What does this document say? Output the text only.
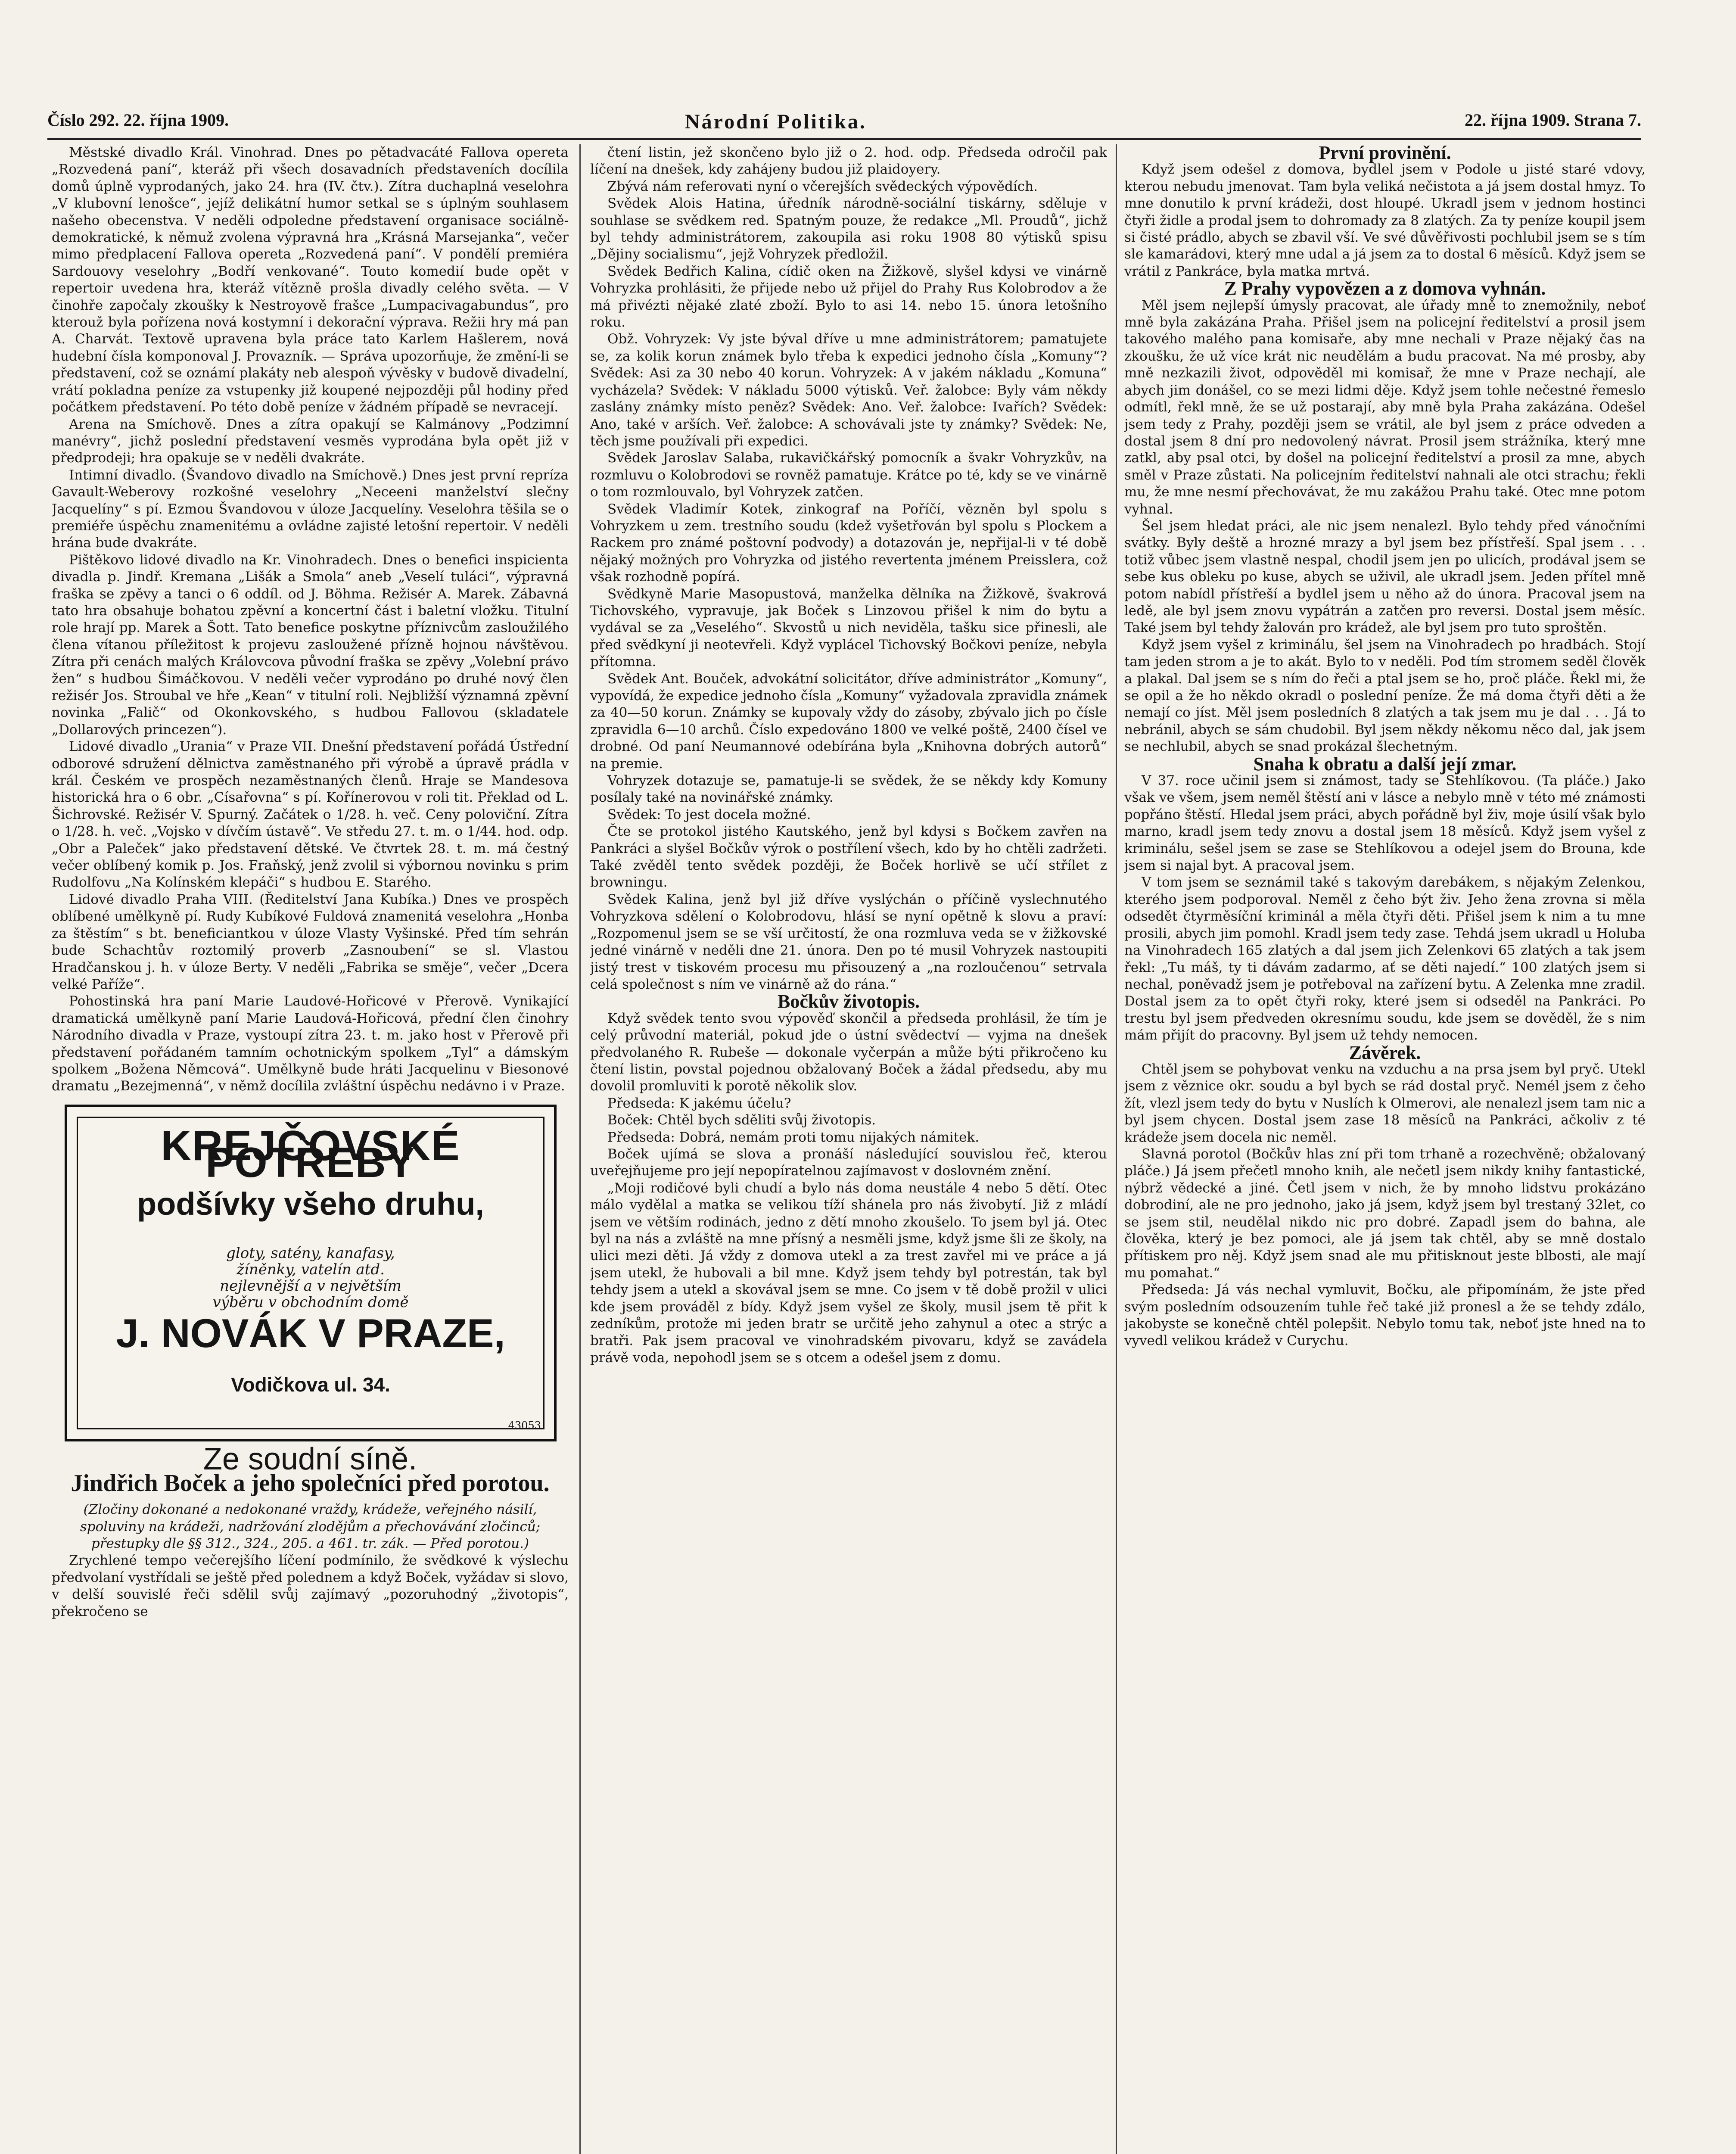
Číslo 292. 22. října 1909.	Národní Politika.	22. října 1909. Strana 7.

Městské divadlo Král. Vinohrad. Dnes po pětadvacáté Fallova opereta „Rozvedená paní“, kteráž při všech dosavadních představeních docílila domů úplně vyprodaných, jako 24. hra (IV. čtv.). Zítra duchaplná veselohra „V klubovní lenošce“, jejíž delikátní humor setkal se s úplným souhlasem našeho obecenstva. V neděli odpoledne představení organisace sociálně-demokratické, k němuž zvolena výpravná hra „Krásná Marsejanka“, večer mimo předplacení Fallova opereta „Rozvedená paní“. V pondělí premiéra Sardouovy veselohry „Bodří venkované“. Touto komedií bude opět v repertoir uvedena hra, kteráž vítězně prošla divadly celého světa. — V činohře započaly zkoušky k Nestroyově frašce „Lumpacivagabundus“, pro kterouž byla pořízena nová kostymní i dekorační výprava. Režii hry má pan A. Charvát. Textově upravena byla práce tato Karlem Hašlerem, nová hudební čísla komponoval J. Provazník. — Správa upozorňuje, že změní-li se představení, což se oznámí plakáty neb alespoň vývěsky v budově divadelní, vrátí pokladna peníze za vstupenky již koupené nejpozději půl hodiny před počátkem představení. Po této době peníze v žádném případě se nevracejí.

Arena na Smíchově. Dnes a zítra opakují se Kalmánovy „Podzimní manévry“, jichž poslední představení vesměs vyprodána byla opět již v předprodeji; hra opakuje se v neděli dvakráte.

Intimní divadlo. (Švandovo divadlo na Smíchově.) Dnes jest první repríza Gavault-Weberovy rozkošné veselohry „Neceeni manželství slečny Jacquelíny“ s pí. Ezmou Švandovou v úloze Jacquelíny. Veselohra těšila se o premiéře úspěchu znamenitému a ovládne zajisté letošní repertoir. V neděli hrána bude dvakráte.

Pištěkovo lidové divadlo na Kr. Vinohradech. Dnes o benefici inspicienta divadla p. Jindř. Kremana „Lišák a Smola“ aneb „Veselí tuláci“, výpravná fraška se zpěvy a tanci o 6 oddíl. od J. Böhma. Režisér A. Marek. Zábavná tato hra obsahuje bohatou zpěvní a koncertní část i baletní vložku. Titulní role hrají pp. Marek a Šott. Tato benefice poskytne příznivcům zasloužilého člena vítanou příležitost k projevu zasloužené přízně hojnou návštěvou. Zítra při cenách malých Královcova původní fraška se zpěvy „Volební právo žen“ s hudbou Šimáčkovou. V neděli večer vyprodáno po druhé nový člen režisér Jos. Stroubal ve hře „Kean“ v titulní roli. Nejbližší významná zpěvní novinka „Falič“ od Okonkovského, s hudbou Fallovou (skladatele „Dollarových princezen“).

Lidové divadlo „Urania“ v Praze VII. Dnešní představení pořádá Ústřední odborové sdružení dělnictva zaměstnaného při výrobě a úpravě prádla v král. Českém ve prospěch nezaměstnaných členů. Hraje se Mandesova historická hra o 6 obr. „Císařovna“ s pí. Kořínerovou v roli tit. Překlad od L. Šichrovské. Režisér V. Spurný. Začátek o 1/28. h. več. Ceny poloviční. Zítra o 1/28. h. več. „Vojsko v dívčím ústavě“. Ve středu 27. t. m. o 1/44. hod. odp. „Obr a Paleček“ jako představení dětské. Ve čtvrtek 28. t. m. má čestný večer oblíbený komik p. Jos. Fraňský, jenž zvolil si výbornou novinku s prim Rudolfovu „Na Kolínském klepáči“ s hudbou E. Starého.

Lidové divadlo Praha VIII. (Ředitelství Jana Kubíka.) Dnes ve prospěch oblíbené umělkyně pí. Rudy Kubíkové Fuldová znamenitá veselohra „Honba za štěstím“ s bt. beneficiantkou v úloze Vlasty Vyšinské. Před tím sehrán bude Schachtův roztomilý proverb „Zasnoubení“ se sl. Vlastou Hradčanskou j. h. v úloze Berty. V neděli „Fabrika se směje“, večer „Dcera velké Paříže“.

Pohostinská hra paní Marie Laudové-Hořicové v Přerově. Vynikající dramatická umělkyně paní Marie Laudová-Hořicová, přední člen činohry Národního divadla v Praze, vystoupí zítra 23. t. m. jako host v Přerově při představení pořádaném tamním ochotnickým spolkem „Tyl“ a dámským spolkem „Božena Němcová“. Umělkyně bude hráti Jacquelinu v Biesonové dramatu „Bezejmenná“, v němž docílila zvláštní úspěchu nedávno i v Praze.

KREJČOVSKÉ POTŘEBY
podšívky všeho druhu,
gloty, satény, kanafasy, žíněnky, vatelín atd. nejlevnější a v největším výběru v obchodním domě
J. NOVÁK V PRAZE,
Vodičkova ul. 34.
43053
Ze soudní síně.
Jindřich Boček a jeho společníci před porotou.

(Zločiny dokonané a nedokonané vraždy, krádeže, veřejného násilí, spoluviny na krádeži, nadržování zlodějům a přechovávání zločinců; přestupky dle §§ 312., 324., 205. a 461. tr. zák. — Před porotou.)

Zrychlené tempo večerejšího líčení podmínilo, že svědkové k výslechu předvolaní vystřídali se ještě před polednem a když Boček, vyžádav si slovo, v delší souvislé řeči sdělil svůj zajímavý „pozoruhodný „životopis“, překročeno se

čtení listin, jež skončeno bylo již o 2. hod. odp. Předseda odročil pak líčení na dnešek, kdy zahájeny budou již plaidoyery.

Zbývá nám referovati nyní o včerejších svědeckých výpovědích.

Svědek Alois Hatina, úředník národně-sociální tiskárny, sděluje v souhlase se svědkem red. Spatným pouze, že redakce „Ml. Proudů“, jichž byl tehdy administrátorem, zakoupila asi roku 1908 80 výtisků spisu „Dějiny socialismu“, jejž Vohryzek předložil.

Svědek Bedřich Kalina, cídič oken na Žižkově, slyšel kdysi ve vinárně Vohryzka prohlásiti, že přijede nebo už přijel do Prahy Rus Kolobrodov a že má přivézti nějaké zlaté zboží. Bylo to asi 14. nebo 15. února letošního roku.

Obž. Vohryzek: Vy jste býval dříve u mne administrátorem; pamatujete se, za kolik korun známek bylo třeba k expedici jednoho čísla „Komuny“? Svědek: Asi za 30 nebo 40 korun. Vohryzek: A v jakém nákladu „Komuna“ vycházela? Svědek: V nákladu 5000 výtisků. Veř. žalobce: Byly vám někdy zaslány známky místo peněz? Svědek: Ano. Veř. žalobce: Ivařích? Svědek: Ano, také v arších. Veř. žalobce: A schovávali jste ty známky? Svědek: Ne, těch jsme používali při expedici.

Svědek Jaroslav Salaba, rukavičkářský pomocník a švakr Vohryzkův, na rozmluvu o Kolobrodovi se rovněž pamatuje. Krátce po té, kdy se ve vinárně o tom rozmlouvalo, byl Vohryzek zatčen.

Svědek Vladimír Kotek, zinkograf na Poříčí, vězněn byl spolu s Vohryzkem u zem. trestního soudu (kdež vyšetřován byl spolu s Plockem a Rackem pro známé poštovní podvody) a dotazován je, nepřijal-li v té době nějaký možných pro Vohryzka od jistého revertenta jménem Preisslera, což však rozhodně popírá.

Svědkyně Marie Masopustová, manželka dělníka na Žižkově, švakrová Tichovského, vypravuje, jak Boček s Linzovou přišel k nim do bytu a vydával se za „Veselého“. Skvostů u nich neviděla, tašku sice přinesli, ale před svědkyní ji neotevřeli. Když vyplácel Tichovský Bočkovi peníze, nebyla přítomna.

Svědek Ant. Bouček, advokátní solicitátor, dříve administrátor „Komuny“, vypovídá, že expedice jednoho čísla „Komuny“ vyžadovala zpravidla známek za 40—50 korun. Známky se kupovaly vždy do zásoby, zbývalo jich po čísle zpravidla 6—10 archů. Číslo expedováno 1800 ve velké poště, 2400 čísel ve drobné. Od paní Neumannové odebírána byla „Knihovna dobrých autorů“ na premie.

Vohryzek dotazuje se, pamatuje-li se svědek, že se někdy kdy Komuny posílaly také na novinářské známky.

Svědek: To jest docela možné.

Čte se protokol jistého Kautského, jenž byl kdysi s Bočkem zavřen na Pankráci a slyšel Bočkův výrok o postřílení všech, kdo by ho chtěli zadržeti. Také zvěděl tento svědek později, že Boček horlivě se učí střílet z browningu.

Svědek Kalina, jenž byl již dříve vyslýchán o příčině vyslechnutého Vohryzkova sdělení o Kolobrodovu, hlásí se nyní opětně k slovu a praví: „Rozpomenul jsem se se vší určitostí, že ona rozmluva veda se v žižkovské jedné vinárně v neděli dne 21. února. Den po té musil Vohryzek nastoupiti jistý trest v tiskovém procesu mu přisouzený a „na rozloučenou“ setrvala celá společnost s ním ve vinárně až do rána.“

Bočkův životopis.

Když svědek tento svou výpověď skončil a předseda prohlásil, že tím je celý průvodní materiál, pokud jde o ústní svědectví — vyjma na dnešek předvolaného R. Rubeše — dokonale vyčerpán a může býti přikročeno ku čtení listin, povstal pojednou obžalovaný Boček a žádal předsedu, aby mu dovolil promluviti k porotě několik slov.

Předseda: K jakému účelu?

Boček: Chtěl bych sděliti svůj životopis.

Předseda: Dobrá, nemám proti tomu nijakých námitek.

Boček ujímá se slova a pronáší následující souvislou řeč, kterou uveřejňujeme pro její nepopíratelnou zajímavost v doslovném znění.

„Moji rodičové byli chudí a bylo nás doma neustále 4 nebo 5 dětí. Otec málo vydělal a matka se velikou tíží shánela pro nás živobytí. Již z mládí jsem ve větším rodinách, jedno z dětí mnoho zkoušelo. To jsem byl já. Otec byl na nás a zvláště na mne přísný a nesměli jsme, když jsme šli ze školy, na ulici mezi děti. Já vždy z domova utekl a za trest zavřel mi ve práce a já jsem utekl, že hubovali a bil mne. Když jsem tehdy byl potrestán, tak byl tehdy jsem a utekl a skovával jsem se mne. Co jsem v tě době prožil v ulici kde jsem prováděl z bídy. Když jsem vyšel ze školy, musil jsem tě přit k zedníkům, protože mi jeden bratr se určitě jeho zahynul a otec a strýc a bratři. Pak jsem pracoval ve vinohradském pivovaru, když se zavádela právě voda, nepohodl jsem se s otcem a odešel jsem z domu.

První provinění.

Když jsem odešel z domova, bydlel jsem v Podole u jisté staré vdovy, kterou nebudu jmenovat. Tam byla veliká nečistota a já jsem dostal hmyz. To mne donutilo k první krádeži, dost hloupé. Ukradl jsem v jednom hostinci čtyři židle a prodal jsem to dohromady za 8 zlatých. Za ty peníze koupil jsem si čisté prádlo, abych se zbavil vší. Ve své důvěřivosti pochlubil jsem se s tím sle kamarádovi, který mne udal a já jsem za to dostal 6 měsíců. Když jsem se vrátil z Pankráce, byla matka mrtvá.

Z Prahy vypovězen a z domova vyhnán.

Měl jsem nejlepší úmysly pracovat, ale úřady mně to znemožnily, neboť mně byla zakázána Praha. Přišel jsem na policejní ředitelství a prosil jsem takového malého pana komisaře, aby mne nechali v Praze nějaký čas na zkoušku, že už více krát nic neudělám a budu pracovat. Na mé prosby, aby mně nezkazili život, odpověděl mi komisař, že mne v Praze nechají, ale abych jim donášel, co se mezi lidmi děje. Když jsem tohle nečestné řemeslo odmítl, řekl mně, že se už postarají, aby mně byla Praha zakázána. Odešel jsem tedy z Prahy, později jsem se vrátil, ale byl jsem z práce odveden a dostal jsem 8 dní pro nedovolený návrat. Prosil jsem strážníka, který mne zatkl, aby psal otci, by došel na policejní ředitelství a prosil za mne, abych směl v Praze zůstati. Na policejním ředitelství nahnali ale otci strachu; řekli mu, že mne nesmí přechovávat, že mu zakážou Prahu také. Otec mne potom vyhnal.

Šel jsem hledat práci, ale nic jsem nenalezl. Bylo tehdy před vánočními svátky. Byly deště a hrozné mrazy a byl jsem bez přístřeší. Spal jsem . . . totiž vůbec jsem vlastně nespal, chodil jsem jen po ulicích, prodával jsem se sebe kus obleku po kuse, abych se uživil, ale ukradl jsem. Jeden přítel mně potom nabídl přístřeší a bydlel jsem u něho až do února. Pracoval jsem na ledě, ale byl jsem znovu vypátrán a zatčen pro reversi. Dostal jsem měsíc. Také jsem byl tehdy žalován pro krádež, ale byl jsem pro tuto sproštěn.

Když jsem vyšel z kriminálu, šel jsem na Vinohradech po hradbách. Stojí tam jeden strom a je to akát. Bylo to v neděli. Pod tím stromem seděl člověk a plakal. Dal jsem se s ním do řeči a ptal jsem se ho, proč pláče. Řekl mi, že se opil a že ho někdo okradl o poslední peníze. Že má doma čtyři děti a že nemají co jíst. Měl jsem posledních 8 zlatých a tak jsem mu je dal . . . Já to nebránil, abych se sám chudobil. Byl jsem někdy někomu něco dal, jak jsem se nechlubil, abych se snad prokázal šlechetným.

Snaha k obratu a další její zmar.

V 37. roce učinil jsem si známost, tady se Stehlíkovou. (Ta pláče.) Jako však ve všem, jsem neměl štěstí ani v lásce a nebylo mně v této mé známosti popřáno štěstí. Hledal jsem práci, abych pořádně byl živ, moje úsilí však bylo marno, kradl jsem tedy znovu a dostal jsem 18 měsíců. Když jsem vyšel z kriminálu, sešel jsem se zase se Stehlíkovou a odejel jsem do Brouna, kde jsem si najal byt. A pracoval jsem.

V tom jsem se seznámil také s takovým darebákem, s nějakým Zelenkou, kterého jsem podporoval. Neměl z čeho být živ. Jeho žena zrovna si měla odsedět čtyrměsíční kriminál a měla čtyři děti. Přišel jsem k nim a tu mne prosili, abych jim pomohl. Kradl jsem tedy zase. Tehdá jsem ukradl u Holuba na Vinohradech 165 zlatých a dal jsem jich Zelenkovi 65 zlatých a tak jsem řekl: „Tu máš, ty ti dávám zadarmo, ať se děti najedí.“ 100 zlatých jsem si nechal, poněvadž jsem je potřeboval na zařízení bytu. A Zelenka mne zradil. Dostal jsem za to opět čtyři roky, které jsem si odseděl na Pankráci. Po trestu byl jsem předveden okresnímu soudu, kde jsem se dověděl, že s nim mám přijít do pracovny. Byl jsem už tehdy nemocen.

Závěrek.

Chtěl jsem se pohybovat venku na vzduchu a na prsa jsem byl pryč. Utekl jsem z věznice okr. soudu a byl bych se rád dostal pryč. Nemél jsem z čeho žít, vlezl jsem tedy do bytu v Nuslích k Olmerovi, ale nenalezl jsem tam nic a byl jsem chycen. Dostal jsem zase 18 měsíců na Pankráci, ačkoliv z té krádeže jsem docela nic neměl.

Slavná porotol (Bočkův hlas zní při tom trhaně a rozechvěně; obžalovaný pláče.) Já jsem přečetl mnoho knih, ale nečetl jsem nikdy knihy fantastické, nýbrž vědecké a jiné. Četl jsem v nich, že by mnoho lidstvu prokázáno dobrodiní, ale ne pro jednoho, jako já jsem, když jsem byl trestaný 32let, co se jsem stil, neudělal nikdo nic pro dobré. Zapadl jsem do bahna, ale člověka, který je bez pomoci, ale já jsem tak chtěl, aby se mně dostalo přítiskem pro něj. Když jsem snad ale mu přitisknout jeste blbosti, ale mají mu pomahat.“

Předseda: Já vás nechal vymluvit, Bočku, ale připomínám, že jste před svým posledním odsouzením tuhle řeč také již pronesl a že se tehdy zdálo, jakobyste se konečně chtěl polepšit. Nebylo tomu tak, neboť jste hned na to vyvedl velikou krádež v Curychu.
